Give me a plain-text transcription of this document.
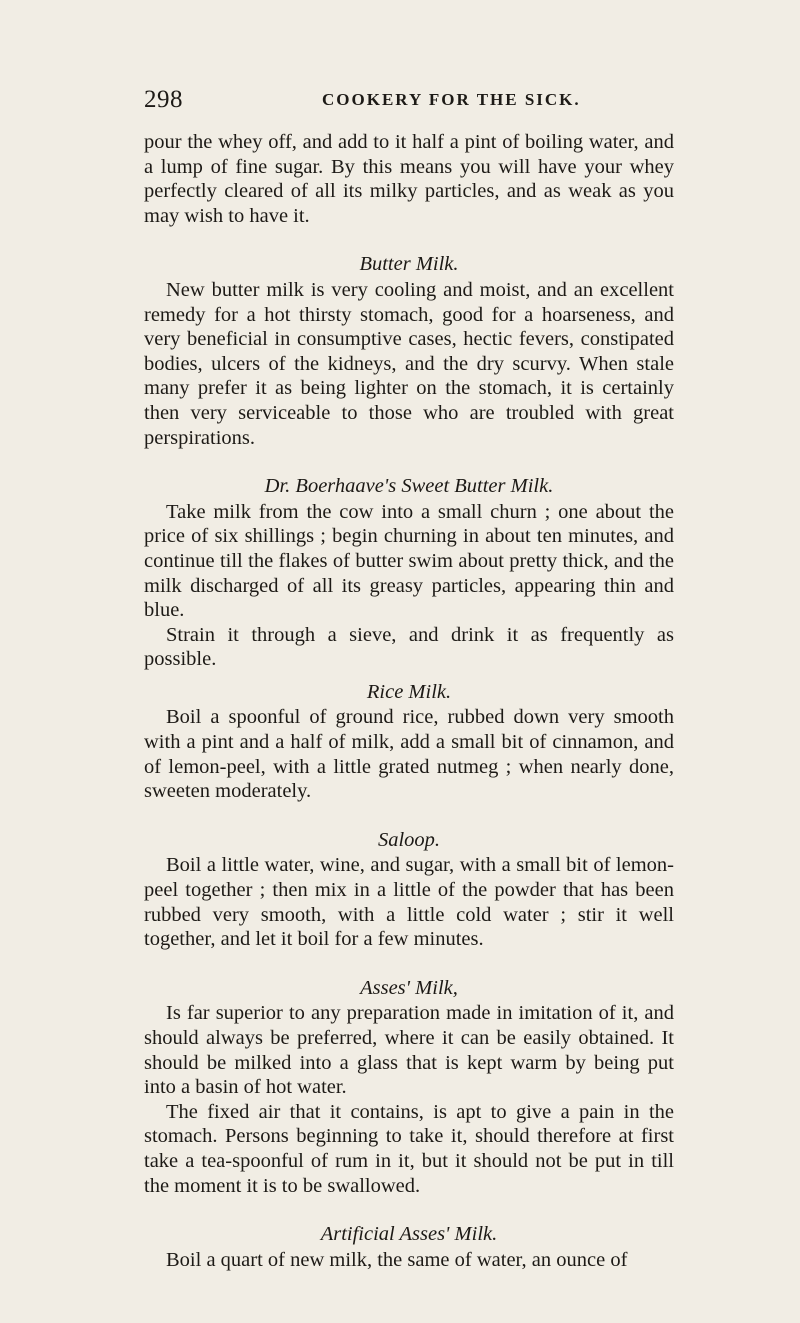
298	COOKERY FOR THE SICK.

pour the whey off, and add to it half a pint of boiling water, and a lump of fine sugar. By this means you will have your whey perfectly cleared of all its milky particles, and as weak as you may wish to have it.

Butter Milk.

New butter milk is very cooling and moist, and an excellent remedy for a hot thirsty stomach, good for a hoarseness, and very beneficial in consumptive cases, hectic fevers, constipated bodies, ulcers of the kidneys, and the dry scurvy. When stale many prefer it as being lighter on the stomach, it is certainly then very serviceable to those who are troubled with great perspirations.

Dr. Boerhaave's Sweet Butter Milk.

Take milk from the cow into a small churn ; one about the price of six shillings ; begin churning in about ten minutes, and continue till the flakes of butter swim about pretty thick, and the milk discharged of all its greasy particles, appearing thin and blue.

Strain it through a sieve, and drink it as frequently as possible.

Rice Milk.

Boil a spoonful of ground rice, rubbed down very smooth with a pint and a half of milk, add a small bit of cinnamon, and of lemon-peel, with a little grated nutmeg ; when nearly done, sweeten moderately.

Saloop.

Boil a little water, wine, and sugar, with a small bit of lemon-peel together ; then mix in a little of the powder that has been rubbed very smooth, with a little cold water ; stir it well together, and let it boil for a few minutes.

Asses' Milk,

Is far superior to any preparation made in imitation of it, and should always be preferred, where it can be easily obtained. It should be milked into a glass that is kept warm by being put into a basin of hot water.

The fixed air that it contains, is apt to give a pain in the stomach. Persons beginning to take it, should therefore at first take a tea-spoonful of rum in it, but it should not be put in till the moment it is to be swallowed.

Artificial Asses' Milk.

Boil a quart of new milk, the same of water, an ounce of
